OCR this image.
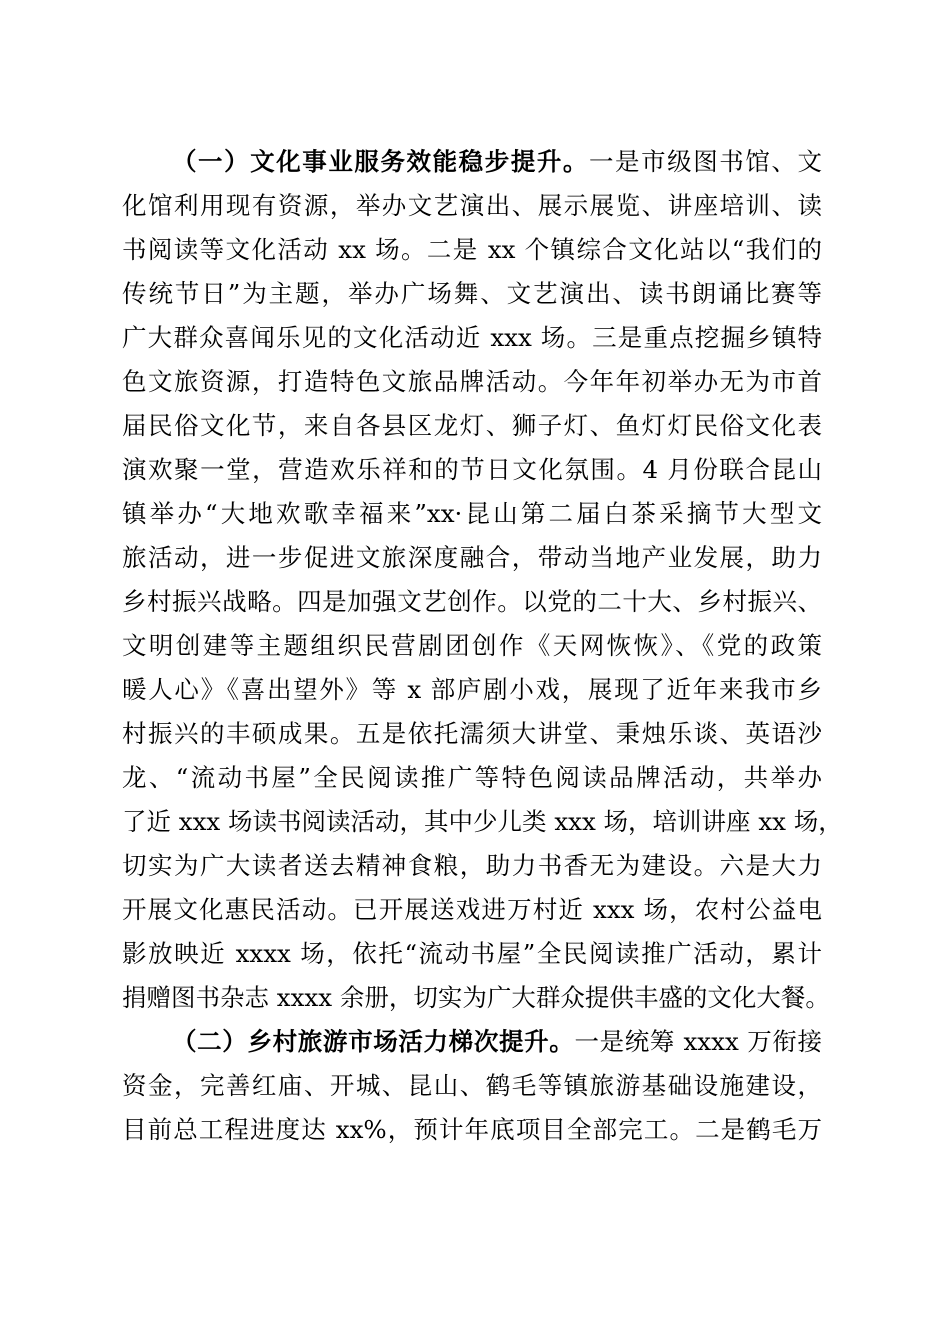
（一）文化事业服务效能稳步提升。一是市级图书馆、文

化馆利用现有资源，举办文艺演出、展示展览、讲座培训、读

书阅读等文化活动 xx 场。二是 xx 个镇综合文化站以“我们的

传统节日”为主题，举办广场舞、文艺演出、读书朗诵比赛等

广大群众喜闻乐见的文化活动近 xxx 场。三是重点挖掘乡镇特

色文旅资源，打造特色文旅品牌活动。今年年初举办无为市首

届民俗文化节，来自各县区龙灯、狮子灯、鱼灯灯民俗文化表

演欢聚一堂，营造欢乐祥和的节日文化氛围。4 月份联合昆山

镇举办“大地欢歌幸福来”xx·昆山第二届白茶采摘节大型文

旅活动，进一步促进文旅深度融合，带动当地产业发展，助力

乡村振兴战略。四是加强文艺创作。以党的二十大、乡村振兴、

文明创建等主题组织民营剧团创作《天网恢恢》、《党的政策

暖人心》《喜出望外》等 x 部庐剧小戏，展现了近年来我市乡

村振兴的丰硕成果。五是依托濡须大讲堂、秉烛乐谈、英语沙

龙、“流动书屋”全民阅读推广等特色阅读品牌活动，共举办

了近 xxx 场读书阅读活动，其中少儿类 xxx 场，培训讲座 xx 场，

切实为广大读者送去精神食粮，助力书香无为建设。六是大力

开展文化惠民活动。已开展送戏进万村近 xxx 场，农村公益电

影放映近 xxxx 场，依托“流动书屋”全民阅读推广活动，累计

捐赠图书杂志 xxxx 余册，切实为广大群众提供丰盛的文化大餐。

（二）乡村旅游市场活力梯次提升。一是统筹 xxxx 万衔接

资金，完善红庙、开城、昆山、鹤毛等镇旅游基础设施建设，

目前总工程进度达 xx%，预计年底项目全部完工。二是鹤毛万
